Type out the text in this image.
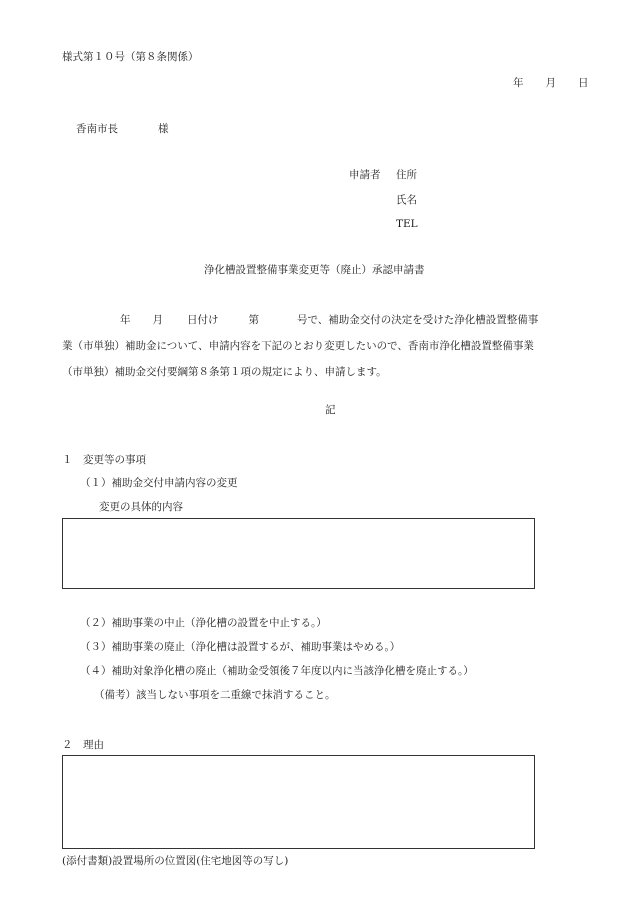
様式第１０号（第８条関係）
年 月 日
香南市長	様
申請者 住所
氏名
TEL
浄化槽設置整備事業変更等（廃止）承認申請書
年 月 日付け	第	号で、補助金交付の決定を受けた浄化槽設置整備事
業（市単独）補助金について、申請内容を下記のとおり変更したいので、香南市浄化槽設置整備事業
（市単独）補助金交付要綱第８条第１項の規定により、申請します。
記
１　変更等の事項
（１）補助金交付申請内容の変更
変更の具体的内容
（２）補助事業の中止（浄化槽の設置を中止する。）
（３）補助事業の廃止（浄化槽は設置するが、補助事業はやめる。）
（４）補助対象浄化槽の廃止（補助金受領後７年度以内に当該浄化槽を廃止する。）
（備考）該当しない事項を二重線で抹消すること。
２　理由
(添付書類)設置場所の位置図(住宅地図等の写し)
